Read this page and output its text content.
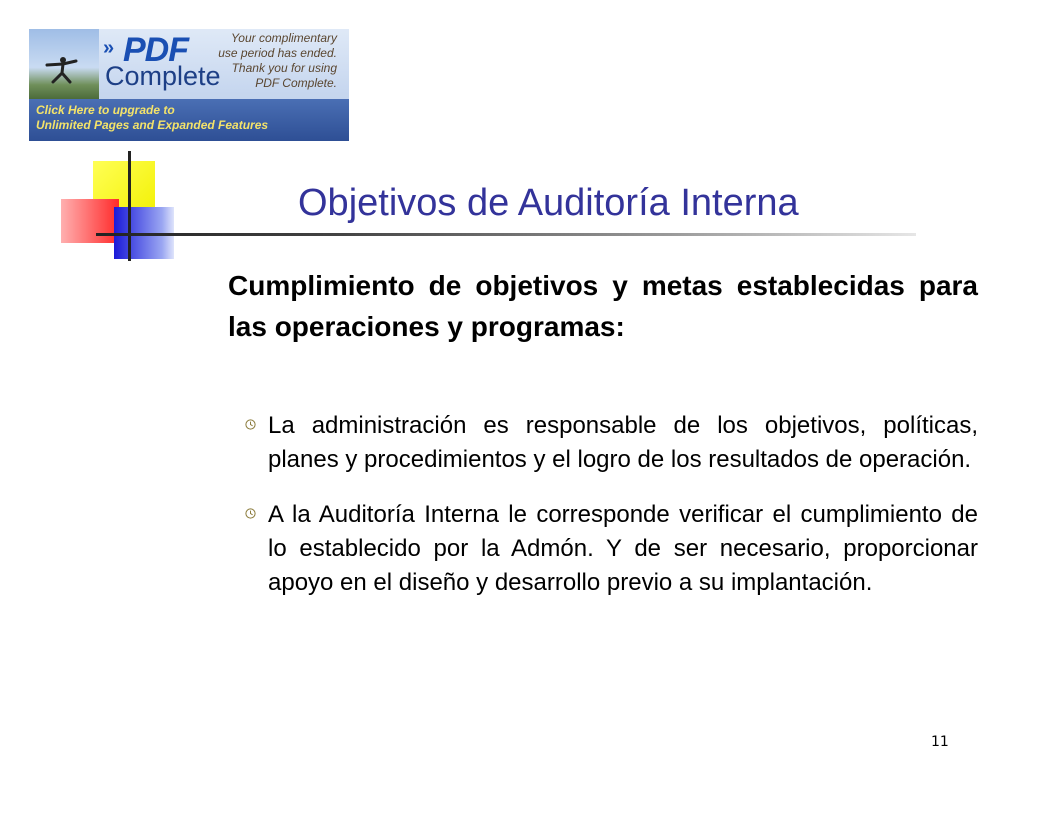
» PDF
Complete
Your complimentary
use period has ended.
Thank you for using
PDF Complete.
Click Here to upgrade to
Unlimited Pages and Expanded Features
Objetivos de Auditoría Interna

Cumplimiento de objetivos y metas establecidas para las operaciones y programas:

La administración es responsable de los objetivos, políticas, planes y procedimientos y el logro de los resultados de operación.
A la Auditoría Interna le corresponde verificar el cumplimiento de lo establecido por la Admón. Y de ser necesario, proporcionar apoyo en el diseño y desarrollo previo a su implantación.
11
